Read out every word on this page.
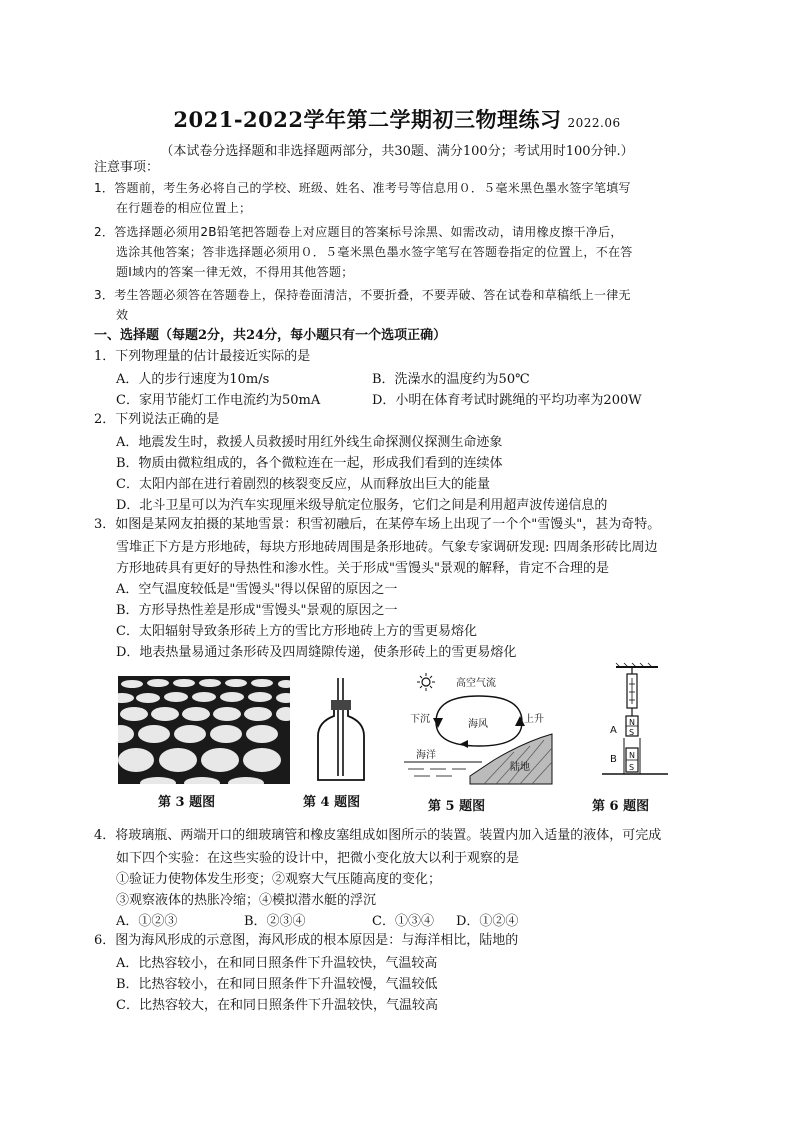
2021-2022学年第二学期初三物理练习 2022.06
（本试卷分选择题和非选择题两部分，共30题、满分100分；考试用时100分钟.）
注意事项：
1．答题前，考生务必将自己的学校、班级、姓名、准考号等信息用０．５毫米黑色墨水签字笔填写
在行题卷的相应位置上；
2．答选择题必须用2B铅笔把答题卷上对应题目的答案标号涂黑、如需改动，请用橡皮擦干净后，
选涂其他答案；答非选择题必须用０．５毫米黑色墨水签字笔写在答题卷指定的位置上，不在答
题Ⅰ域内的答案一律无效，不得用其他答题；
3．考生答题必须答在答题卷上，保持卷面清洁，不要折叠，不要弄破、答在试卷和草稿纸上一律无
效
一、选择题（每题2分，共24分，每小题只有一个选项正确）
1．下列物理量的估计最接近实际的是
A．人的步行速度为10m/s	B．洗澡水的温度约为50℃
C．家用节能灯工作电流约为50mA	D．小明在体育考试时跳绳的平均功率为200W
2．下列说法正确的是
A．地震发生时，救援人员救援时用红外线生命探测仪探测生命迹象
B．物质由微粒组成的，各个微粒连在一起，形成我们看到的连续体
C．太阳内部在进行着剧烈的核裂变反应，从而释放出巨大的能量
D．北斗卫星可以为汽车实现厘米级导航定位服务，它们之间是利用超声波传递信息的
3．如图是某网友拍摄的某地雪景：积雪初融后，在某停车场上出现了一个个"雪馒头"，甚为奇特。
雪堆正下方是方形地砖，每块方形地砖周围是条形地砖。气象专家调研发现: 四周条形砖比周边
方形地砖具有更好的导热性和渗水性。关于形成"雪馒头"景观的解释，肯定不合理的是
A．空气温度较低是"雪馒头"得以保留的原因之一
B．方形导热性差是形成"雪馒头"景观的原因之一
C．太阳辐射导致条形砖上方的雪比方形地砖上方的雪更易熔化
D．地表热量易通过条形砖及四周缝隙传递，使条形砖上的雪更易熔化
第 3 题图	第 4 题图
高空气流
下沉	上升
海风
海洋
陆地
第 5 题图
N
S
A
N
S
B
第 6 题图
4．将玻璃瓶、两端开口的细玻璃管和橡皮塞组成如图所示的装置。装置内加入适量的液体，可完成
如下四个实验：在这些实验的设计中，把微小变化放大以利于观察的是
①验证力使物体发生形变；②观察大气压随高度的变化；
③观察液体的热胀冷缩；④模拟潜水艇的浮沉
A．①②③	B．②③④	C．①③④ D．①②④
6．图为海风形成的示意图，海风形成的根本原因是：与海洋相比，陆地的
A．比热容较小，在和同日照条件下升温较快，气温较高
B．比热容较小，在和同日照条件下升温较慢，气温较低
C．比热容较大，在和同日照条件下升温较快，气温较高
